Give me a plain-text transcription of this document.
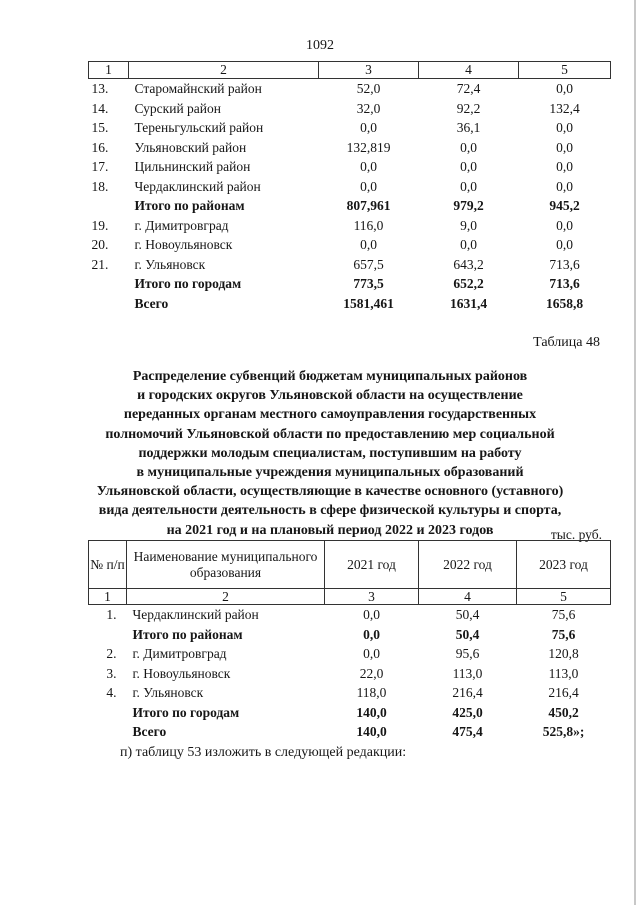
1092
1	2	3	4	5
13.	Старомайнский район	52,0	72,4	0,0
14.	Сурский район	32,0	92,2	132,4
15.	Тереньгульский район	0,0	36,1	0,0
16.	Ульяновский район	132,819	0,0	0,0
17.	Цильнинский район	0,0	0,0	0,0
18.	Чердаклинский район	0,0	0,0	0,0
	Итого по районам	807,961	979,2	945,2
19.	г. Димитровград	116,0	9,0	0,0
20.	г. Новоульяновск	0,0	0,0	0,0
21.	г. Ульяновск	657,5	643,2	713,6
	Итого по городам	773,5	652,2	713,6
	Всего	1581,461	1631,4	1658,8
Таблица 48
Распределение субвенций бюджетам муниципальных районов
и городских округов Ульяновской области на осуществление
переданных органам местного самоуправления государственных
полномочий Ульяновской области по предоставлению мер социальной
поддержки молодым специалистам, поступившим на работу
в муниципальные учреждения муниципальных образований
Ульяновской области, осуществляющие в качестве основного (уставного)
вида деятельности деятельность в сфере физической культуры и спорта,
на 2021 год и на плановый период 2022 и 2023 годов	тыс. руб.
№ п/п	Наименование муниципального образования	2021 год	2022 год	2023 год
1	2	3	4	5
1.	Чердаклинский район	0,0	50,4	75,6
	Итого по районам	0,0	50,4	75,6
2.	г. Димитровград	0,0	95,6	120,8
3.	г. Новоульяновск	22,0	113,0	113,0
4.	г. Ульяновск	118,0	216,4	216,4
	Итого по городам	140,0	425,0	450,2
	Всего	140,0	475,4	525,8»;
п) таблицу 53 изложить в следующей редакции:
